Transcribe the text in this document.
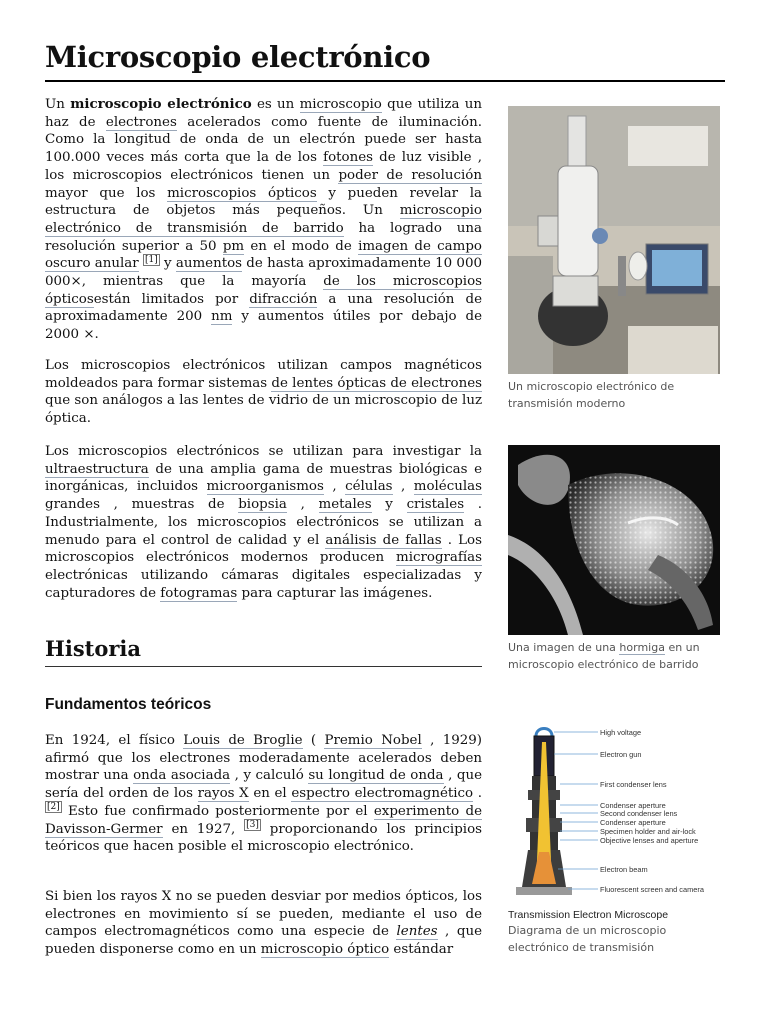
Microscopio electrónico

Un microscopio electrónico es un microscopio que utiliza un haz de electrones acelerados como fuente de iluminación. Como la longitud de onda de un electrón puede ser hasta 100.000 veces más corta que la de los fotones de luz visible , los microscopios electrónicos tienen un poder de resolución mayor que los microscopios ópticos y pueden revelar la estructura de objetos más pequeños. Un microscopio electrónico de transmisión de barrido ha logrado una resolución superior a 50 pm en el modo de imagen de campo oscuro anular [1] y aumentos de hasta aproximadamente 10 000 000×, mientras que la mayoría de los microscopios ópticosestán limitados por difracción a una resolución de aproximadamente 200 nm y aumentos útiles por debajo de 2000 ×.

Los microscopios electrónicos utilizan campos magnéticos moldeados para formar sistemas de lentes ópticas de electrones que son análogos a las lentes de vidrio de un microscopio de luz óptica.

Los microscopios electrónicos se utilizan para investigar la ultraestructura de una amplia gama de muestras biológicas e inorgánicas, incluidos microorganismos , células , moléculas grandes , muestras de biopsia , metales y cristales . Industrialmente, los microscopios electrónicos se utilizan a menudo para el control de calidad y el análisis de fallas . Los microscopios electrónicos modernos producen micrografías electrónicas utilizando cámaras digitales especializadas y capturadores de fotogramas para capturar las imágenes.

Historia
Fundamentos teóricos

En 1924, el físico Louis de Broglie ( Premio Nobel , 1929) afirmó que los electrones moderadamente acelerados deben mostrar una onda asociada , y calculó su longitud de onda , que sería del orden de los rayos X en el espectro electromagnético . [2] Esto fue confirmado posteriormente por el experimento de Davisson-Germer en 1927, [3] proporcionando los principios teóricos que hacen posible el microscopio electrónico.

Si bien los rayos X no se pueden desviar por medios ópticos, los electrones en movimiento sí se pueden, mediante el uso de campos electromagnéticos como una especie de lentes , que pueden disponerse como en un microscopio óptico estándar

Un microscopio electrónico de transmisión moderno
Una imagen de una hormiga en un microscopio electrónico de barrido
High voltage
Electron gun
First condenser lens
Condenser aperture
Second condenser lens
Condenser aperture
Specimen holder and air-lock
Objective lenses and aperture
Electron beam
Fluorescent screen and camera
Transmission Electron Microscope
Diagrama de un microscopio electrónico de transmisión
